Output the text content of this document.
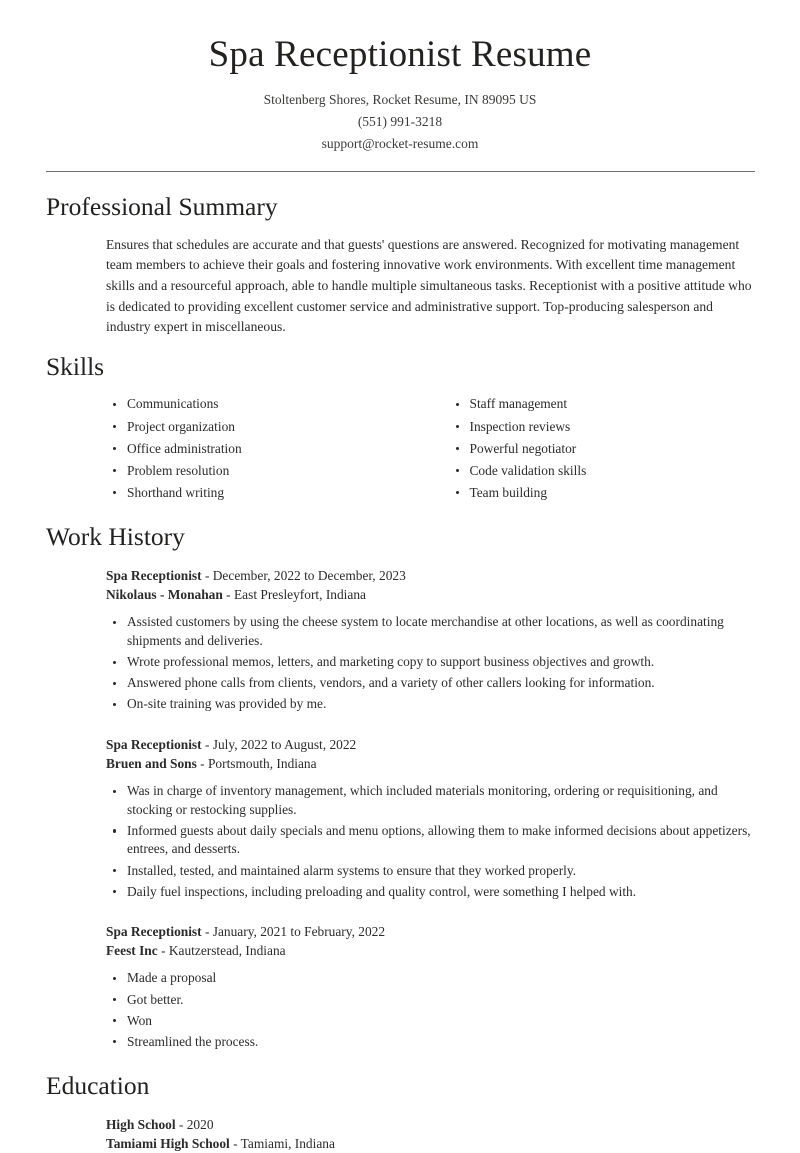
Spa Receptionist Resume

Stoltenberg Shores, Rocket Resume, IN 89095 US

(551) 991-3218

support@rocket-resume.com

Professional Summary

Ensures that schedules are accurate and that guests' questions are answered. Recognized for motivating management team members to achieve their goals and fostering innovative work environments. With excellent time management skills and a resourceful approach, able to handle multiple simultaneous tasks. Receptionist with a positive attitude who is dedicated to providing excellent customer service and administrative support. Top-producing salesperson and industry expert in miscellaneous.

Skills
Communications
Project organization
Office administration
Problem resolution
Shorthand writing
Staff management
Inspection reviews
Powerful negotiator
Code validation skills
Team building
Work History

Spa Receptionist - December, 2022 to December, 2023

Nikolaus - Monahan - East Presleyfort, Indiana

Assisted customers by using the cheese system to locate merchandise at other locations, as well as coordinating shipments and deliveries.
Wrote professional memos, letters, and marketing copy to support business objectives and growth.
Answered phone calls from clients, vendors, and a variety of other callers looking for information.
On-site training was provided by me.

Spa Receptionist - July, 2022 to August, 2022

Bruen and Sons - Portsmouth, Indiana

Was in charge of inventory management, which included materials monitoring, ordering or requisitioning, and stocking or restocking supplies.
Informed guests about daily specials and menu options, allowing them to make informed decisions about appetizers, entrees, and desserts.
Installed, tested, and maintained alarm systems to ensure that they worked properly.
Daily fuel inspections, including preloading and quality control, were something I helped with.

Spa Receptionist - January, 2021 to February, 2022

Feest Inc - Kautzerstead, Indiana

Made a proposal
Got better.
Won
Streamlined the process.
Education

High School - 2020

Tamiami High School - Tamiami, Indiana
